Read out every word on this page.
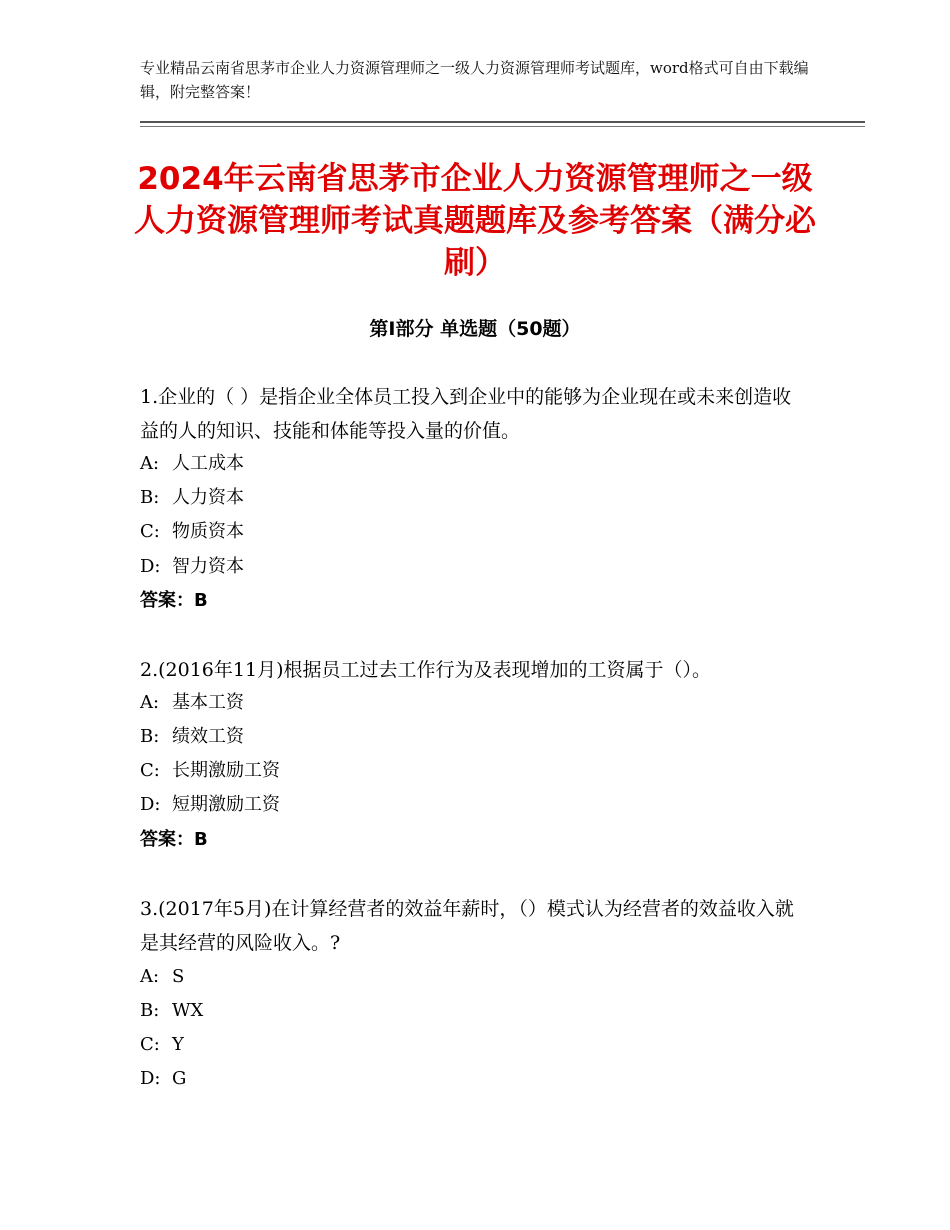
专业精品云南省思茅市企业人力资源管理师之一级人力资源管理师考试题库，word格式可自由下载编辑，附完整答案！
2024年云南省思茅市企业人力资源管理师之一级人力资源管理师考试真题题库及参考答案（满分必刷）
第Ⅰ部分 单选题（50题）
1.企业的（ ）是指企业全体员工投入到企业中的能够为企业现在或未来创造收益的人的知识、技能和体能等投入量的价值。
A: 人工成本
B: 人力资本
C: 物质资本
D: 智力资本
答案：B
2.(2016年11月)根据员工过去工作行为及表现增加的工资属于（）。
A: 基本工资
B: 绩效工资
C: 长期激励工资
D: 短期激励工资
答案：B
3.(2017年5月)在计算经营者的效益年薪时，（）模式认为经营者的效益收入就是其经营的风险收入。?
A: S
B: WX
C: Y
D: G
